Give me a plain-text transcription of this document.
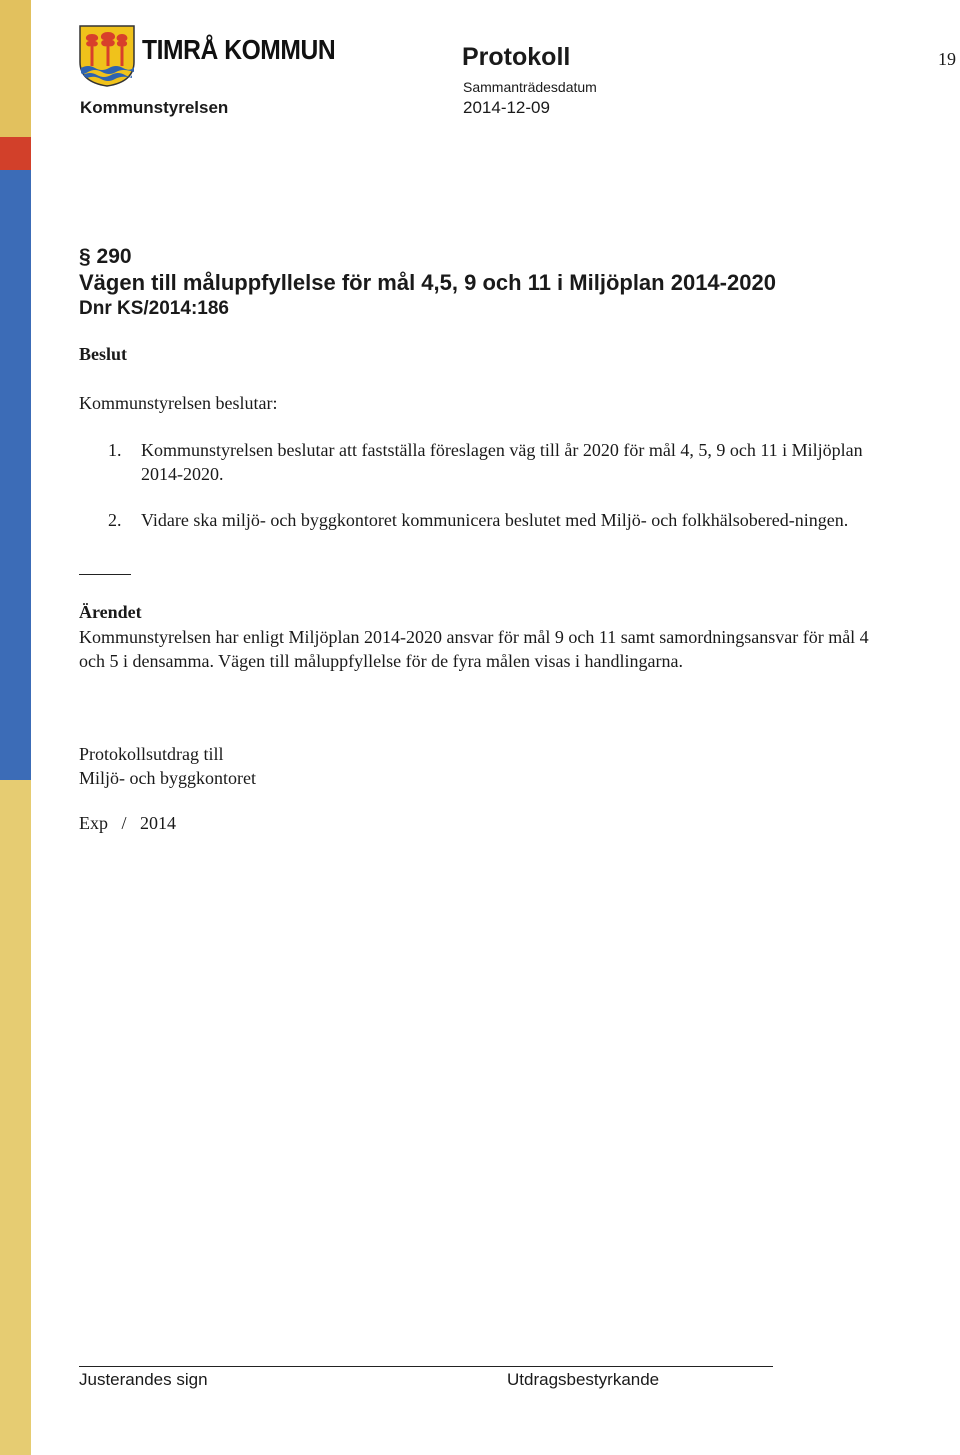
TIMRÅ KOMMUN
Kommunstyrelsen
Protokoll
Sammanträdesdatum
2014-12-09
19
§ 290
Vägen till måluppfyllelse för mål 4,5, 9 och 11 i Miljöplan 2014-2020
Dnr KS/2014:186
Beslut
Kommunstyrelsen beslutar:
1. Kommunstyrelsen beslutar att fastställa föreslagen väg till år 2020 för mål 4, 5, 9 och 11 i Miljöplan 2014-2020.
2. Vidare ska miljö- och byggkontoret kommunicera beslutet med Miljö- och folkhälsobered-ningen.
Ärendet

Kommunstyrelsen har enligt Miljöplan 2014-2020 ansvar för mål 9 och 11 samt samordningsansvar för mål 4 och 5 i densamma. Vägen till måluppfyllelse för de fyra målen visas i handlingarna.

Protokollsutdrag till
Miljö- och byggkontoret
Exp   /   2014
Justerandes sign	Utdragsbestyrkande
